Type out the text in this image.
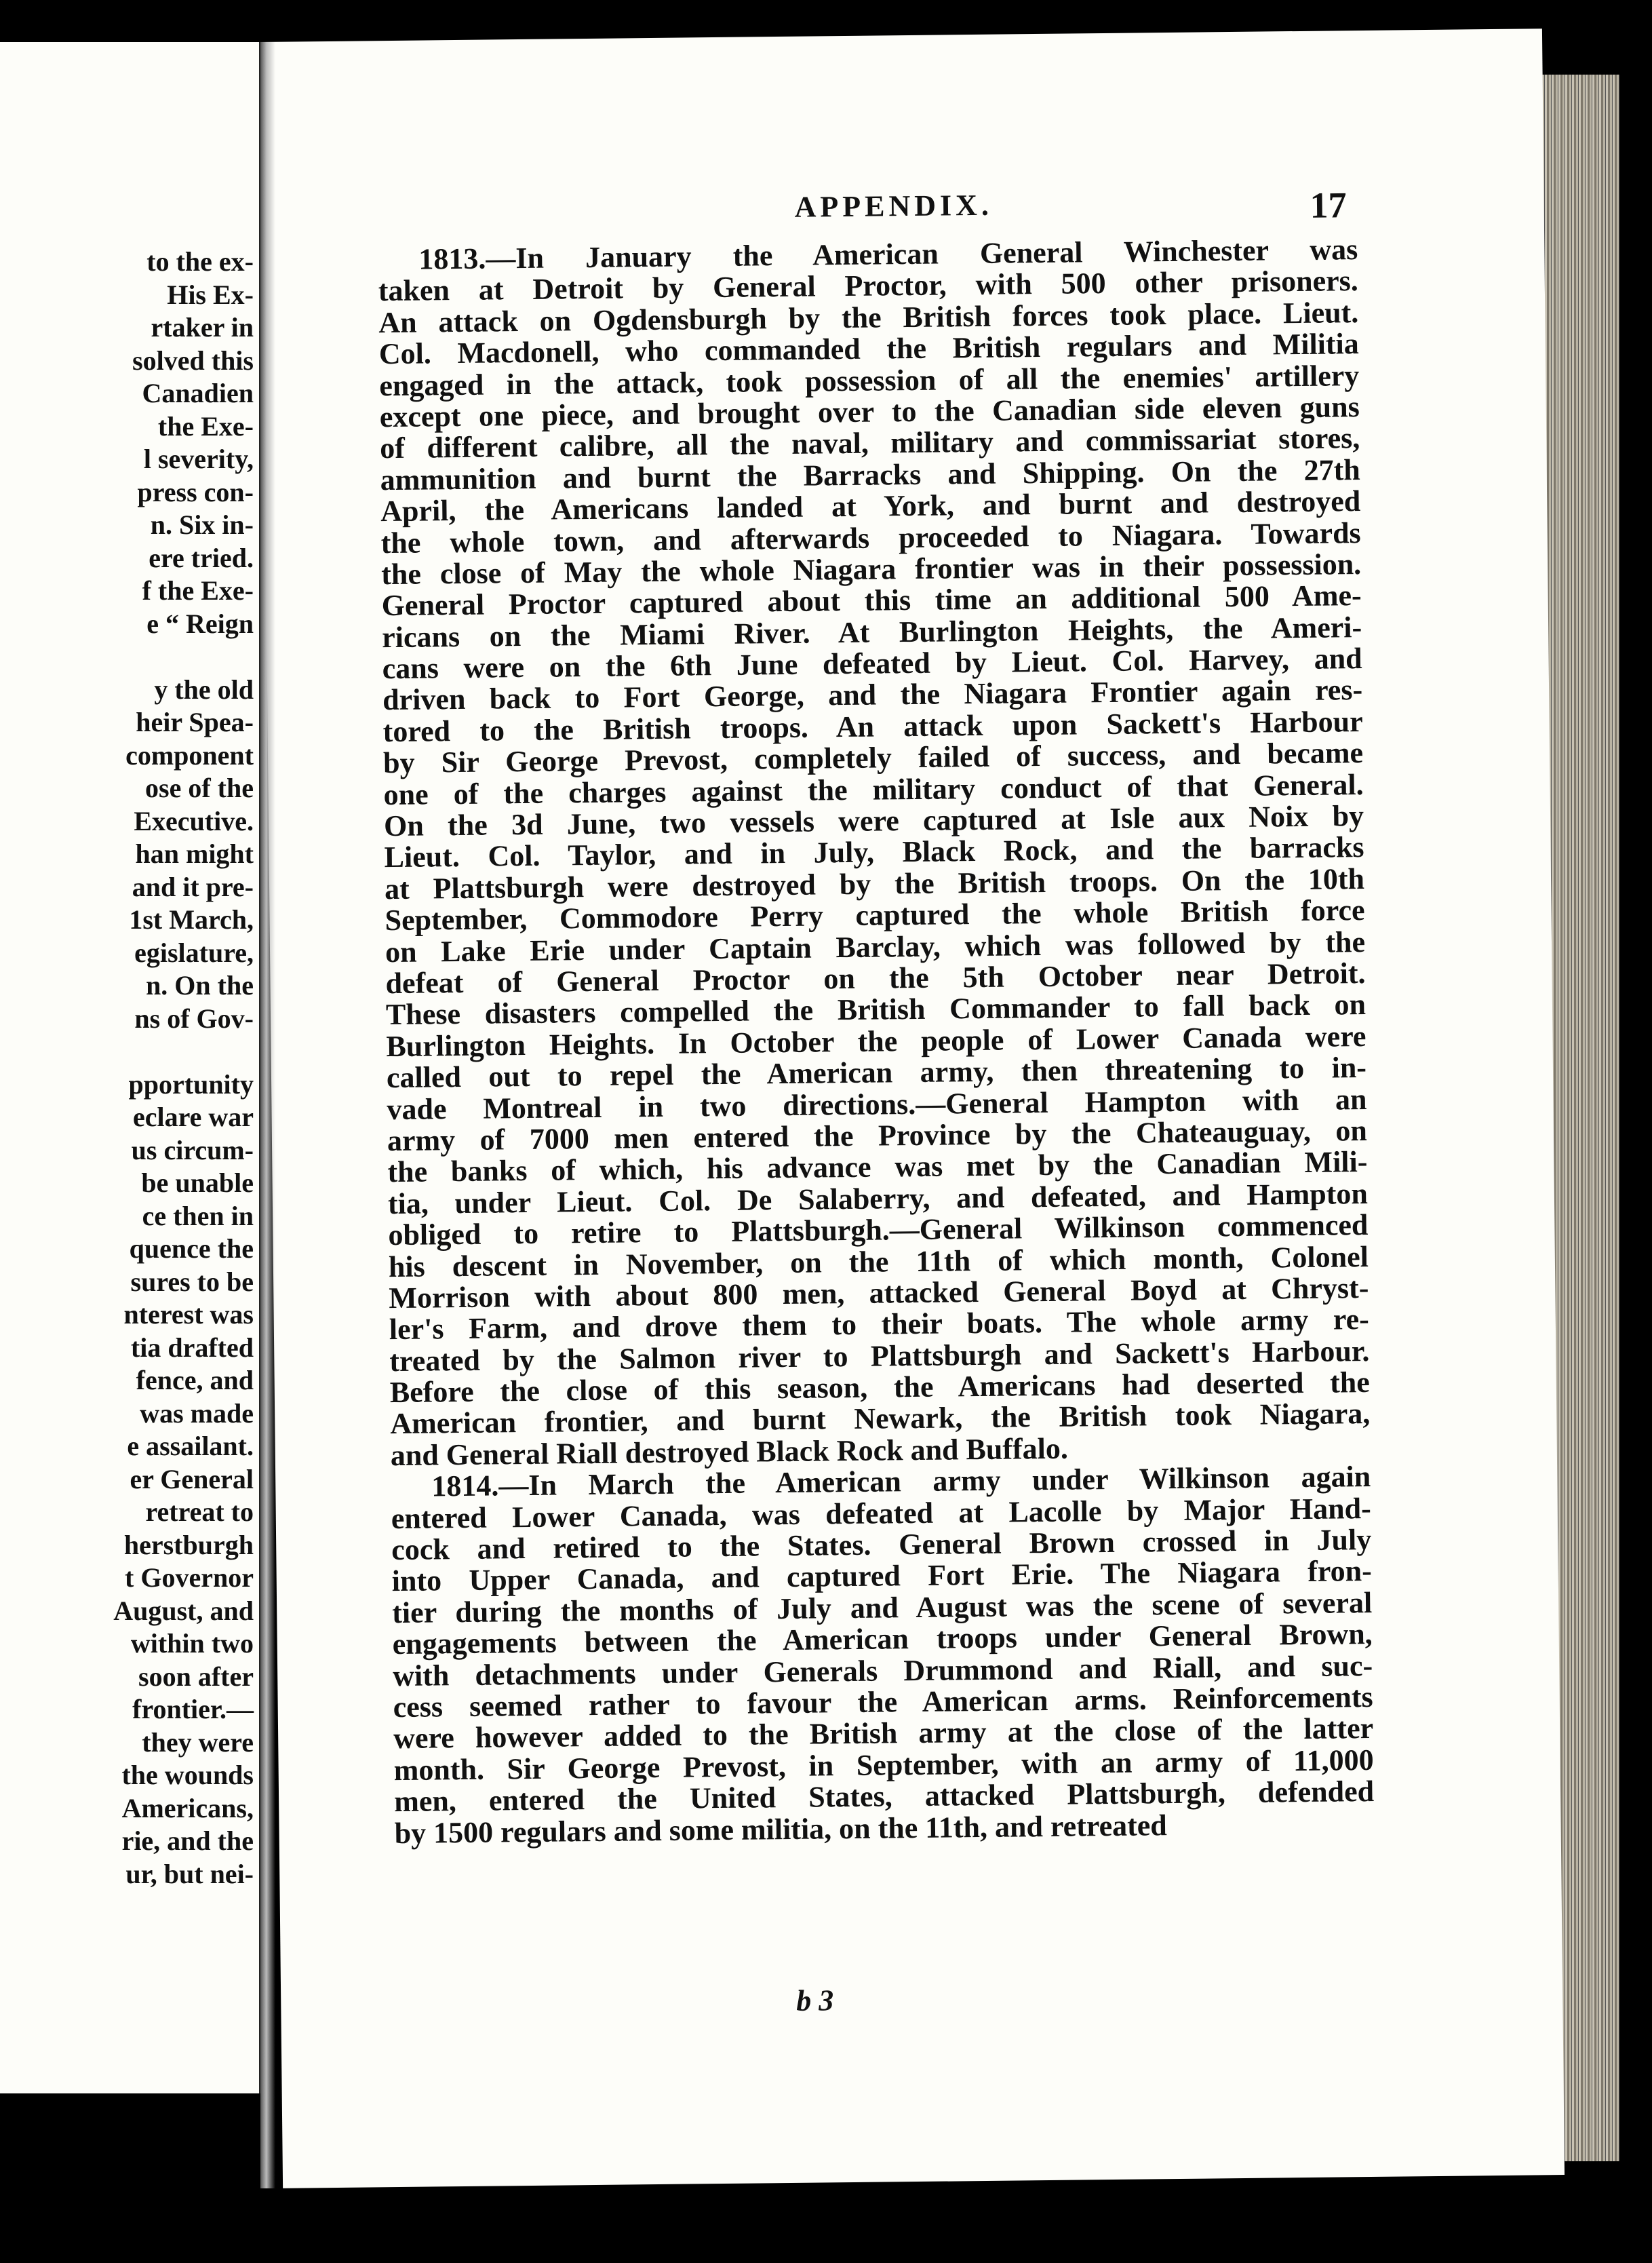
to the ex-
His Ex-
rtaker in
solved this
Canadien
the Exe-
l severity,
press con-
n. Six in-
ere tried.
f the Exe-
e “ Reign
y the old
heir Spea-
component
ose of the
Executive.
han might
and it pre-
1st March,
egislature,
n. On the
ns of Gov-
pportunity
eclare war
us circum-
be unable
ce then in
quence the
sures to be
nterest was
tia drafted
fence, and
was made
e assailant.
er General
retreat to
herstburgh
t Governor
August, and
within two
soon after
frontier.—
they were
the wounds
Americans,
rie, and the
ur, but nei-
APPENDIX.	17
1813.—In January the American General Winchester was
taken at Detroit by General Proctor, with 500 other prisoners.
An attack on Ogdensburgh by the British forces took place. Lieut.
Col. Macdonell, who commanded the British regulars and Militia
engaged in the attack, took possession of all the enemies' artillery
except one piece, and brought over to the Canadian side eleven guns
of different calibre, all the naval, military and commissariat stores,
ammunition and burnt the Barracks and Shipping. On the 27th
April, the Americans landed at York, and burnt and destroyed
the whole town, and afterwards proceeded to Niagara. Towards
the close of May the whole Niagara frontier was in their possession.
General Proctor captured about this time an additional 500 Ame-
ricans on the Miami River. At Burlington Heights, the Ameri-
cans were on the 6th June defeated by Lieut. Col. Harvey, and
driven back to Fort George, and the Niagara Frontier again res-
tored to the British troops. An attack upon Sackett's Harbour
by Sir George Prevost, completely failed of success, and became
one of the charges against the military conduct of that General.
On the 3d June, two vessels were captured at Isle aux Noix by
Lieut. Col. Taylor, and in July, Black Rock, and the barracks
at Plattsburgh were destroyed by the British troops. On the 10th
September, Commodore Perry captured the whole British force
on Lake Erie under Captain Barclay, which was followed by the
defeat of General Proctor on the 5th October near Detroit.
These disasters compelled the British Commander to fall back on
Burlington Heights. In October the people of Lower Canada were
called out to repel the American army, then threatening to in-
vade Montreal in two directions.—General Hampton with an
army of 7000 men entered the Province by the Chateauguay, on
the banks of which, his advance was met by the Canadian Mili-
tia, under Lieut. Col. De Salaberry, and defeated, and Hampton
obliged to retire to Plattsburgh.—General Wilkinson commenced
his descent in November, on the 11th of which month, Colonel
Morrison with about 800 men, attacked General Boyd at Chryst-
ler's Farm, and drove them to their boats. The whole army re-
treated by the Salmon river to Plattsburgh and Sackett's Harbour.
Before the close of this season, the Americans had deserted the
American frontier, and burnt Newark, the British took Niagara,
and General Riall destroyed Black Rock and Buffalo.
1814.—In March the American army under Wilkinson again
entered Lower Canada, was defeated at Lacolle by Major Hand-
cock and retired to the States. General Brown crossed in July
into Upper Canada, and captured Fort Erie. The Niagara fron-
tier during the months of July and August was the scene of several
engagements between the American troops under General Brown,
with detachments under Generals Drummond and Riall, and suc-
cess seemed rather to favour the American arms. Reinforcements
were however added to the British army at the close of the latter
month. Sir George Prevost, in September, with an army of 11,000
men, entered the United States, attacked Plattsburgh, defended
by 1500 regulars and some militia, on the 11th, and retreated
b 3
